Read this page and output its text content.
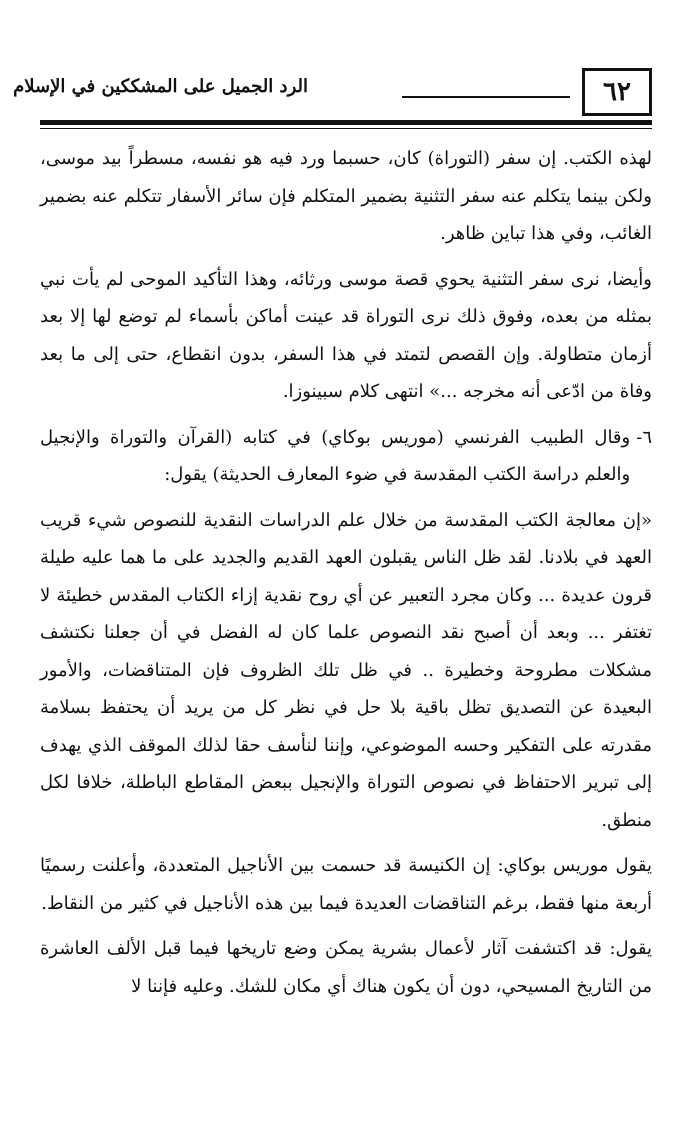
٦٢
الرد الجميل على المشككين في الإسلام

لهذه الكتب. إن سفر (التوراة) كان، حسبما ورد فيه هو نفسه، مسطراً بيد موسى، ولكن بينما يتكلم عنه سفر التثنية بضمير المتكلم فإن سائر الأسفار تتكلم عنه بضمير الغائب، وفي هذا تباين ظاهر.

وأيضا، نرى سفر التثنية يحوي قصة موسى ورثائه، وهذا التأكيد الموحى لم يأت نبي بمثله من بعده، وفوق ذلك نرى التوراة قد عينت أماكن بأسماء لم توضع لها إلا بعد أزمان متطاولة. وإن القصص لتمتد في هذا السفر، بدون انقطاع، حتى إلى ما بعد وفاة من ادّعى أنه مخرجه ...» انتهى كلام سبينوزا.

٦-
وقال الطبيب الفرنسي (موريس بوكاي) في كتابه (القرآن والتوراة والإنجيل والعلم دراسة الكتب المقدسة في ضوء المعارف الحديثة) يقول:

«إن معالجة الكتب المقدسة من خلال علم الدراسات النقدية للنصوص شيء قريب العهد في بلادنا. لقد ظل الناس يقبلون العهد القديم والجديد على ما هما عليه طيلة قرون عديدة ... وكان مجرد التعبير عن أي روح نقدية إزاء الكتاب المقدس خطيئة لا تغتفر ... وبعد أن أصبح نقد النصوص علما كان له الفضل في أن جعلنا نكتشف مشكلات مطروحة وخطيرة .. في ظل تلك الظروف فإن المتناقضات، والأمور البعيدة عن التصديق تظل باقية بلا حل في نظر كل من يريد أن يحتفظ بسلامة مقدرته على التفكير وحسه الموضوعي، وإننا لنأسف حقا لذلك الموقف الذي يهدف إلى تبرير الاحتفاظ في نصوص التوراة والإنجيل ببعض المقاطع الباطلة، خلافا لكل منطق.

يقول موريس بوكاي: إن الكنيسة قد حسمت بين الأناجيل المتعددة، وأعلنت رسميًا أربعة منها فقط، برغم التناقضات العديدة فيما بين هذه الأناجيل في كثير من النقاط.

يقول: قد اكتشفت آثار لأعمال بشرية يمكن وضع تاريخها فيما قبل الألف العاشرة من التاريخ المسيحي، دون أن يكون هناك أي مكان للشك. وعليه فإننا لا
